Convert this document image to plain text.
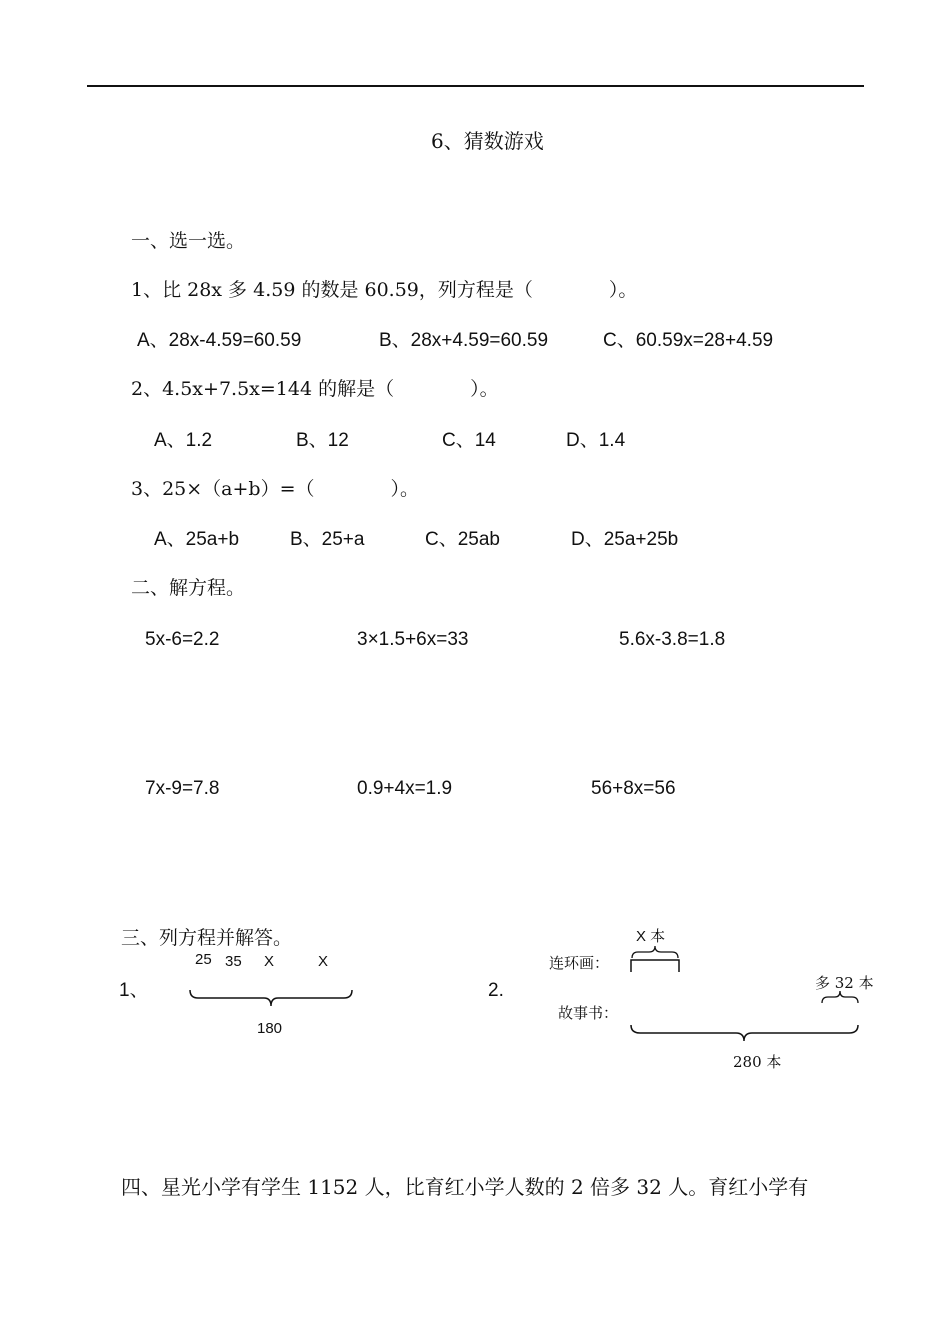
6、猜数游戏
一、选一选。
1、比 28x 多 4.59 的数是 60.59，列方程是（　　　　）。
A、28x-4.59=60.59	B、28x+4.59=60.59	C、60.59x=28+4.59
2、4.5x+7.5x=144 的解是（　　　　）。
A、1.2	B、12	C、14	D、1.4
3、25×（a+b）=（　　　　）。
A、25a+b	B、25+a	C、25ab	D、25a+25b
二、解方程。
5x-6=2.2	3×1.5+6x=33	5.6x-3.8=1.8
7x-9=7.8	0.9+4x=1.9	56+8x=56
三、列方程并解答。
1、
25 35 X	X
180
2.
X 本
连环画：
故事书：
多 32 本
280 本
四、星光小学有学生 1152 人，比育红小学人数的 2 倍多 32 人。育红小学有
